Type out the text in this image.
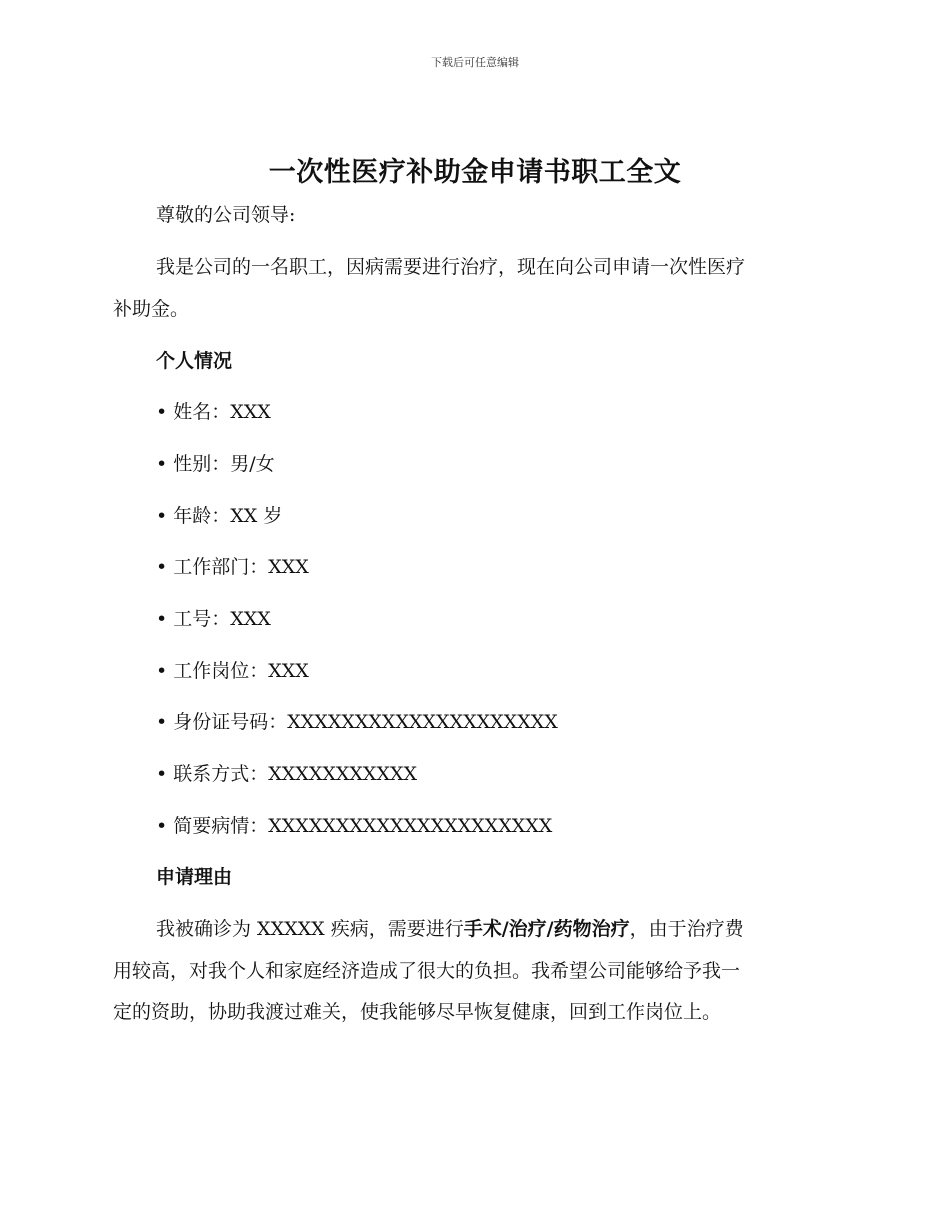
下载后可任意编辑
一次性医疗补助金申请书职工全文
尊敬的公司领导:
我是公司的一名职工，因病需要进行治疗，现在向公司申请一次性医疗
补助金。
个人情况
• 姓名：XXX
• 性别：男/女
• 年龄：XX 岁
• 工作部门：XXX
• 工号：XXX
• 工作岗位：XXX
• 身份证号码：XXXXXXXXXXXXXXXXXXXX
• 联系方式：XXXXXXXXXXX
• 简要病情：XXXXXXXXXXXXXXXXXXXXX
申请理由
我被确诊为 XXXXX 疾病，需要进行手术/治疗/药物治疗，由于治疗费
用较高，对我个人和家庭经济造成了很大的负担。我希望公司能够给予我一
定的资助，协助我渡过难关，使我能够尽早恢复健康，回到工作岗位上。
